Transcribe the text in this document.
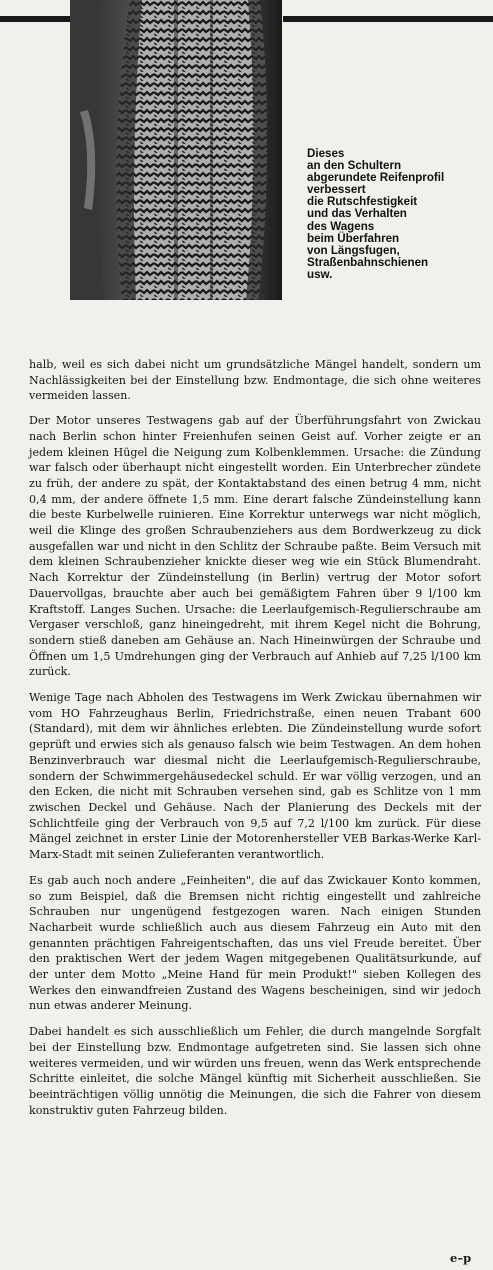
Dieses
an den Schultern
abgerundete Reifenprofil
verbessert
die Rutschfestigkeit
und das Verhalten
des Wagens
beim Überfahren
von Längsfugen,
Straßenbahnschienen
usw.

halb, weil es sich dabei nicht um grundsätzliche Mängel handelt, sondern um Nachlässigkeiten bei der Einstellung bzw. Endmontage, die sich ohne weiteres vermeiden lassen.

Der Motor unseres Testwagens gab auf der Überführungsfahrt von Zwickau nach Berlin schon hinter Freienhufen seinen Geist auf. Vorher zeigte er an jedem kleinen Hügel die Neigung zum Kolbenklemmen. Ursache: die Zündung war falsch oder überhaupt nicht eingestellt worden. Ein Unterbrecher zündete zu früh, der andere zu spät, der Kontaktabstand des einen betrug 4 mm, nicht 0,4 mm, der andere öffnete 1,5 mm. Eine derart falsche Zündeinstellung kann die beste Kurbelwelle ruinieren. Eine Korrektur unterwegs war nicht möglich, weil die Klinge des großen Schraubenziehers aus dem Bordwerkzeug zu dick ausgefallen war und nicht in den Schlitz der Schraube paßte. Beim Versuch mit dem kleinen Schraubenzieher knickte dieser weg wie ein Stück Blumendraht. Nach Korrektur der Zündeinstellung (in Berlin) vertrug der Motor sofort Dauervollgas, brauchte aber auch bei gemäßigtem Fahren über 9 l/100 km Kraftstoff. Langes Suchen. Ursache: die Leerlaufgemisch-Regulierschraube am Vergaser verschloß, ganz hineingedreht, mit ihrem Kegel nicht die Bohrung, sondern stieß daneben am Gehäuse an. Nach Hineinwürgen der Schraube und Öffnen um 1,5 Umdrehungen ging der Verbrauch auf Anhieb auf 7,25 l/100 km zurück.

Wenige Tage nach Abholen des Testwagens im Werk Zwickau übernahmen wir vom HO Fahrzeughaus Berlin, Friedrichstraße, einen neuen Trabant 600 (Standard), mit dem wir ähnliches erlebten. Die Zündeinstellung wurde sofort geprüft und erwies sich als genauso falsch wie beim Testwagen. An dem hohen Benzinverbrauch war diesmal nicht die Leerlaufgemisch-Regulierschraube, sondern der Schwimmergehäusedeckel schuld. Er war völlig verzogen, und an den Ecken, die nicht mit Schrauben versehen sind, gab es Schlitze von 1 mm zwischen Deckel und Gehäuse. Nach der Planierung des Deckels mit der Schlichtfeile ging der Verbrauch von 9,5 auf 7,2 l/100 km zurück. Für diese Mängel zeichnet in erster Linie der Motorenhersteller VEB Barkas-Werke Karl-Marx-Stadt mit seinen Zulieferanten verantwortlich.

Es gab auch noch andere „Feinheiten", die auf das Zwickauer Konto kommen, so zum Beispiel, daß die Bremsen nicht richtig eingestellt und zahlreiche Schrauben nur ungenügend festgezogen waren. Nach einigen Stunden Nacharbeit wurde schließlich auch aus diesem Fahrzeug ein Auto mit den genannten prächtigen Fahreigentschaften, das uns viel Freude bereitet. Über den praktischen Wert der jedem Wagen mitgegebenen Qualitätsurkunde, auf der unter dem Motto „Meine Hand für mein Produkt!" sieben Kollegen des Werkes den einwandfreien Zustand des Wagens bescheinigen, sind wir jedoch nun etwas anderer Meinung.

Dabei handelt es sich ausschließlich um Fehler, die durch mangelnde Sorgfalt bei der Einstellung bzw. Endmontage aufgetreten sind. Sie lassen sich ohne weiteres vermeiden, und wir würden uns freuen, wenn das Werk entsprechende Schritte einleitet, die solche Mängel künftig mit Sicherheit ausschließen. Sie beeinträchtigen völlig unnötig die Meinungen, die sich die Fahrer von diesem konstruktiv guten Fahrzeug bilden.

e–p
